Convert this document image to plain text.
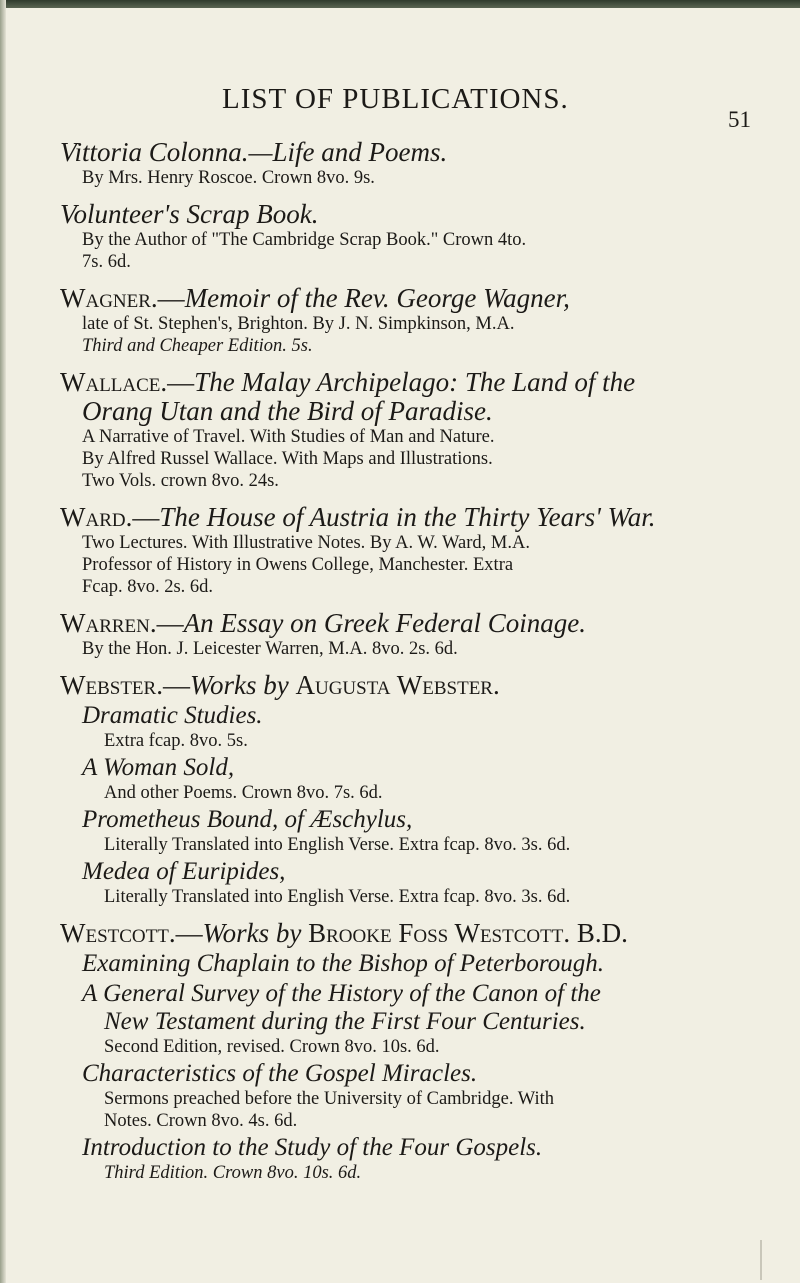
LIST OF PUBLICATIONS.
51
Vittoria Colonna.—Life and Poems.
By Mrs. Henry Roscoe. Crown 8vo. 9s.
Volunteer's Scrap Book.
By the Author of "The Cambridge Scrap Book." Crown 4to.
7s. 6d.
Wagner.—Memoir of the Rev. George Wagner,
late of St. Stephen's, Brighton. By J. N. Simpkinson, M.A.
Third and Cheaper Edition. 5s.
Wallace.—The Malay Archipelago: The Land of the
Orang Utan and the Bird of Paradise.
A Narrative of Travel. With Studies of Man and Nature.
By Alfred Russel Wallace. With Maps and Illustrations.
Two Vols. crown 8vo. 24s.
Ward.—The House of Austria in the Thirty Years' War.
Two Lectures. With Illustrative Notes. By A. W. Ward, M.A.
Professor of History in Owens College, Manchester. Extra
Fcap. 8vo. 2s. 6d.
Warren.—An Essay on Greek Federal Coinage.
By the Hon. J. Leicester Warren, M.A. 8vo. 2s. 6d.
Webster.—Works by Augusta Webster.
Dramatic Studies.
Extra fcap. 8vo. 5s.
A Woman Sold,
And other Poems. Crown 8vo. 7s. 6d.
Prometheus Bound, of Æschylus,
Literally Translated into English Verse. Extra fcap. 8vo. 3s. 6d.
Medea of Euripides,
Literally Translated into English Verse. Extra fcap. 8vo. 3s. 6d.
Westcott.—Works by Brooke Foss Westcott. B.D.
Examining Chaplain to the Bishop of Peterborough.
A General Survey of the History of the Canon of the
New Testament during the First Four Centuries.
Second Edition, revised. Crown 8vo. 10s. 6d.
Characteristics of the Gospel Miracles.
Sermons preached before the University of Cambridge. With
Notes. Crown 8vo. 4s. 6d.
Introduction to the Study of the Four Gospels.
Third Edition. Crown 8vo. 10s. 6d.
